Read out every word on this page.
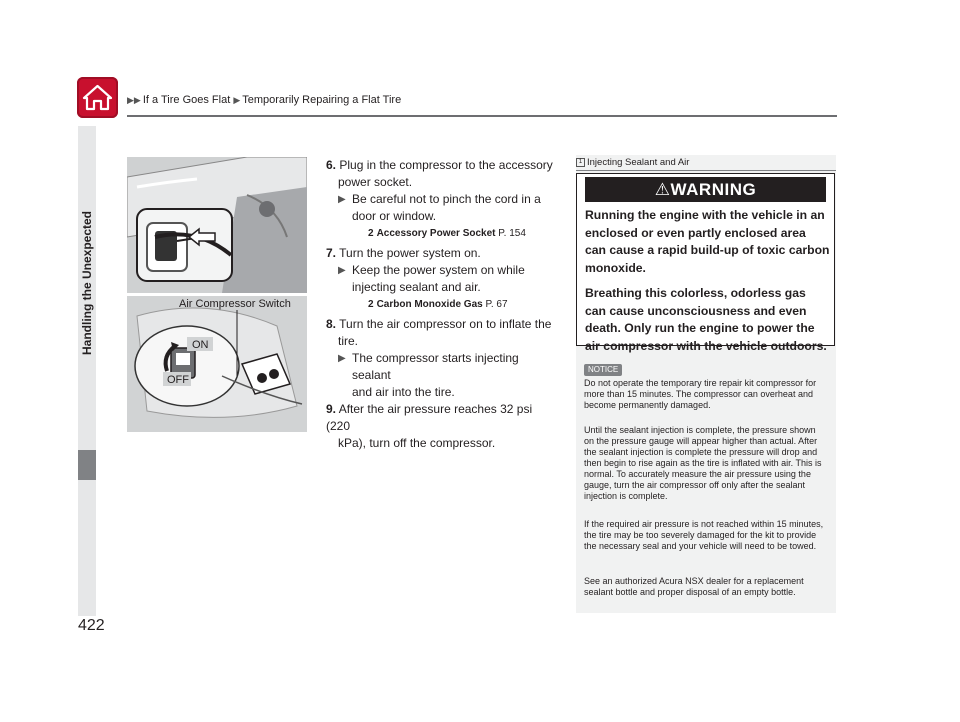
▶▶ If a Tire Goes Flat ▶ Temporarily Repairing a Flat Tire
Handling the Unexpected
422
Air Compressor Switch
ON
OFF
6. Plug in the compressor to the accessory
power socket.
▶ Be careful not to pinch the cord in a
door or window.
2 Accessory Power Socket P. 154
7. Turn the power system on.
▶ Keep the power system on while
injecting sealant and air.
2 Carbon Monoxide Gas P. 67
8. Turn the air compressor on to inflate the
tire.
▶ The compressor starts injecting sealant
and air into the tire.
9. After the air pressure reaches 32 psi (220
kPa), turn off the compressor.
1 Injecting Sealant and Air
⚠WARNING

Running the engine with the vehicle in an enclosed or even partly enclosed area can cause a rapid build-up of toxic carbon monoxide.

Breathing this colorless, odorless gas can cause unconsciousness and even death. Only run the engine to power the air compressor with the vehicle outdoors.

NOTICE
Do not operate the temporary tire repair kit compressor for more than 15 minutes. The compressor can overheat and become permanently damaged.
Until the sealant injection is complete, the pressure shown on the pressure gauge will appear higher than actual. After the sealant injection is complete the pressure will drop and then begin to rise again as the tire is inflated with air. This is normal. To accurately measure the air pressure using the gauge, turn the air compressor off only after the sealant injection is complete.
If the required air pressure is not reached within 15 minutes, the tire may be too severely damaged for the kit to provide the necessary seal and your vehicle will need to be towed.
See an authorized Acura NSX dealer for a replacement sealant bottle and proper disposal of an empty bottle.
